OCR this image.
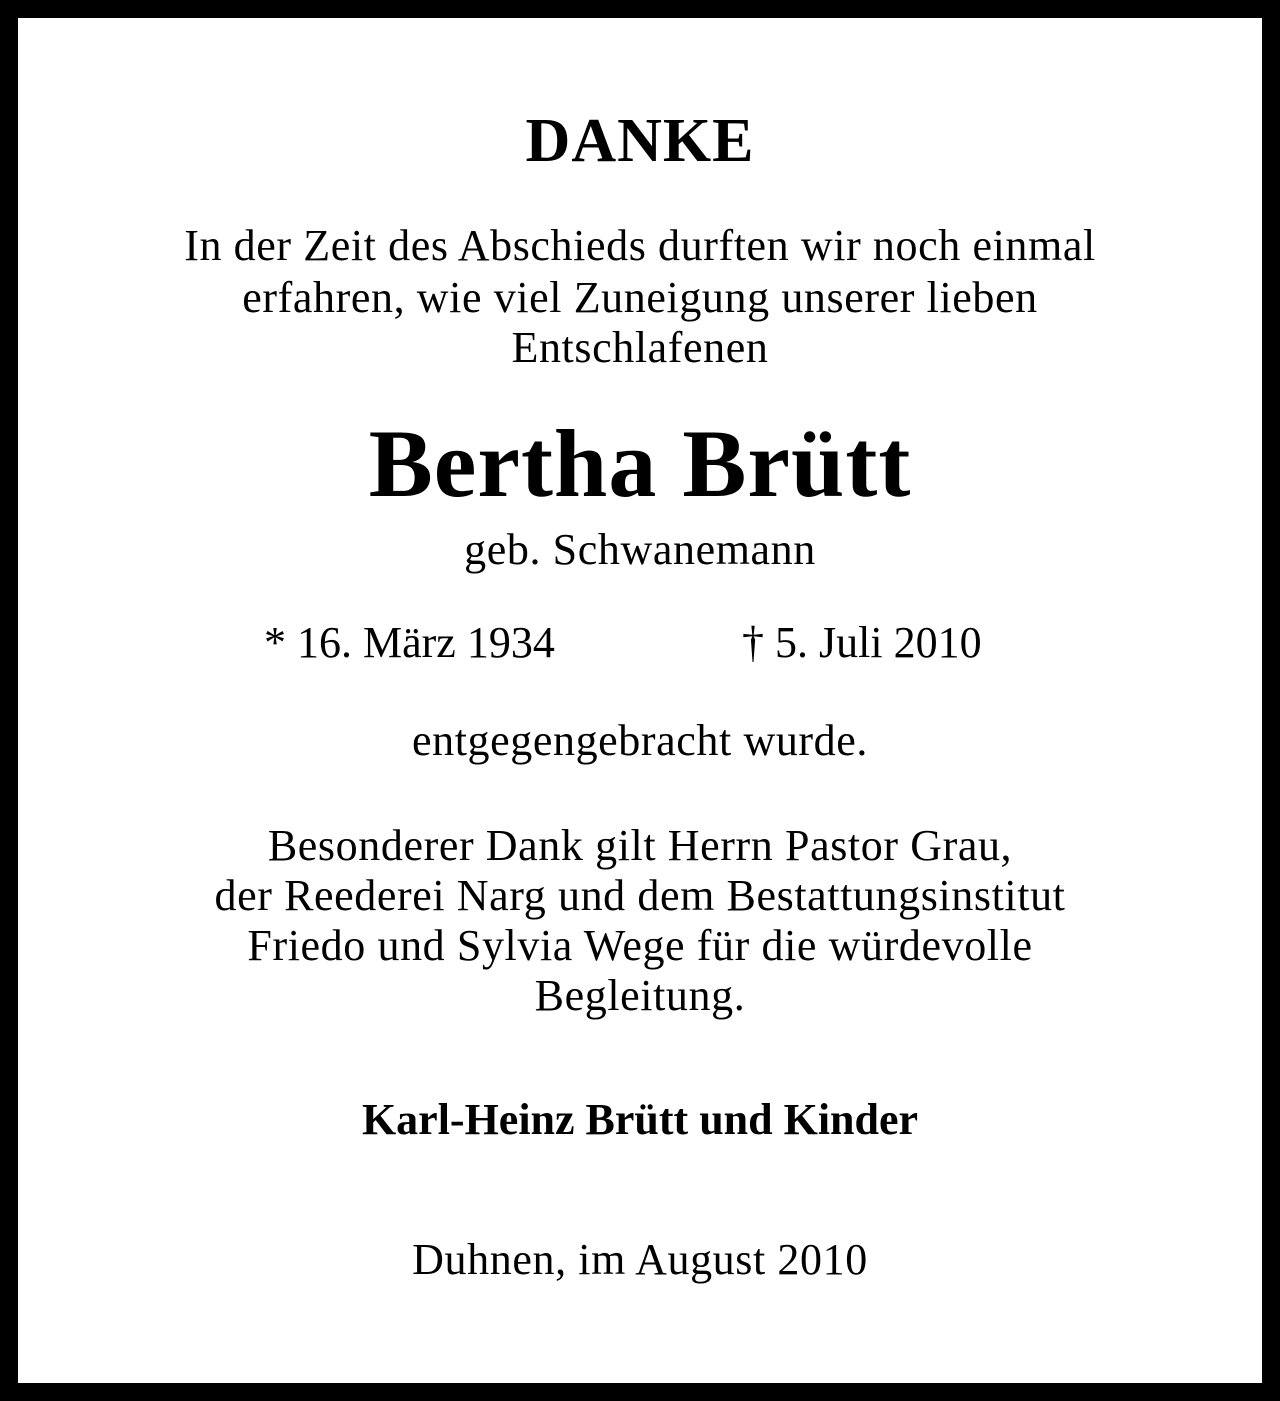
DANKE
In der Zeit des Abschieds durften wir noch einmal
erfahren, wie viel Zuneigung unserer lieben
Entschlafenen
Bertha Brütt
geb. Schwanemann
* 16. März 1934	† 5. Juli 2010
entgegengebracht wurde.
Besonderer Dank gilt Herrn Pastor Grau,
der Reederei Narg und dem Bestattungsinstitut
Friedo und Sylvia Wege für die würdevolle
Begleitung.
Karl-Heinz Brütt und Kinder
Duhnen, im August 2010
